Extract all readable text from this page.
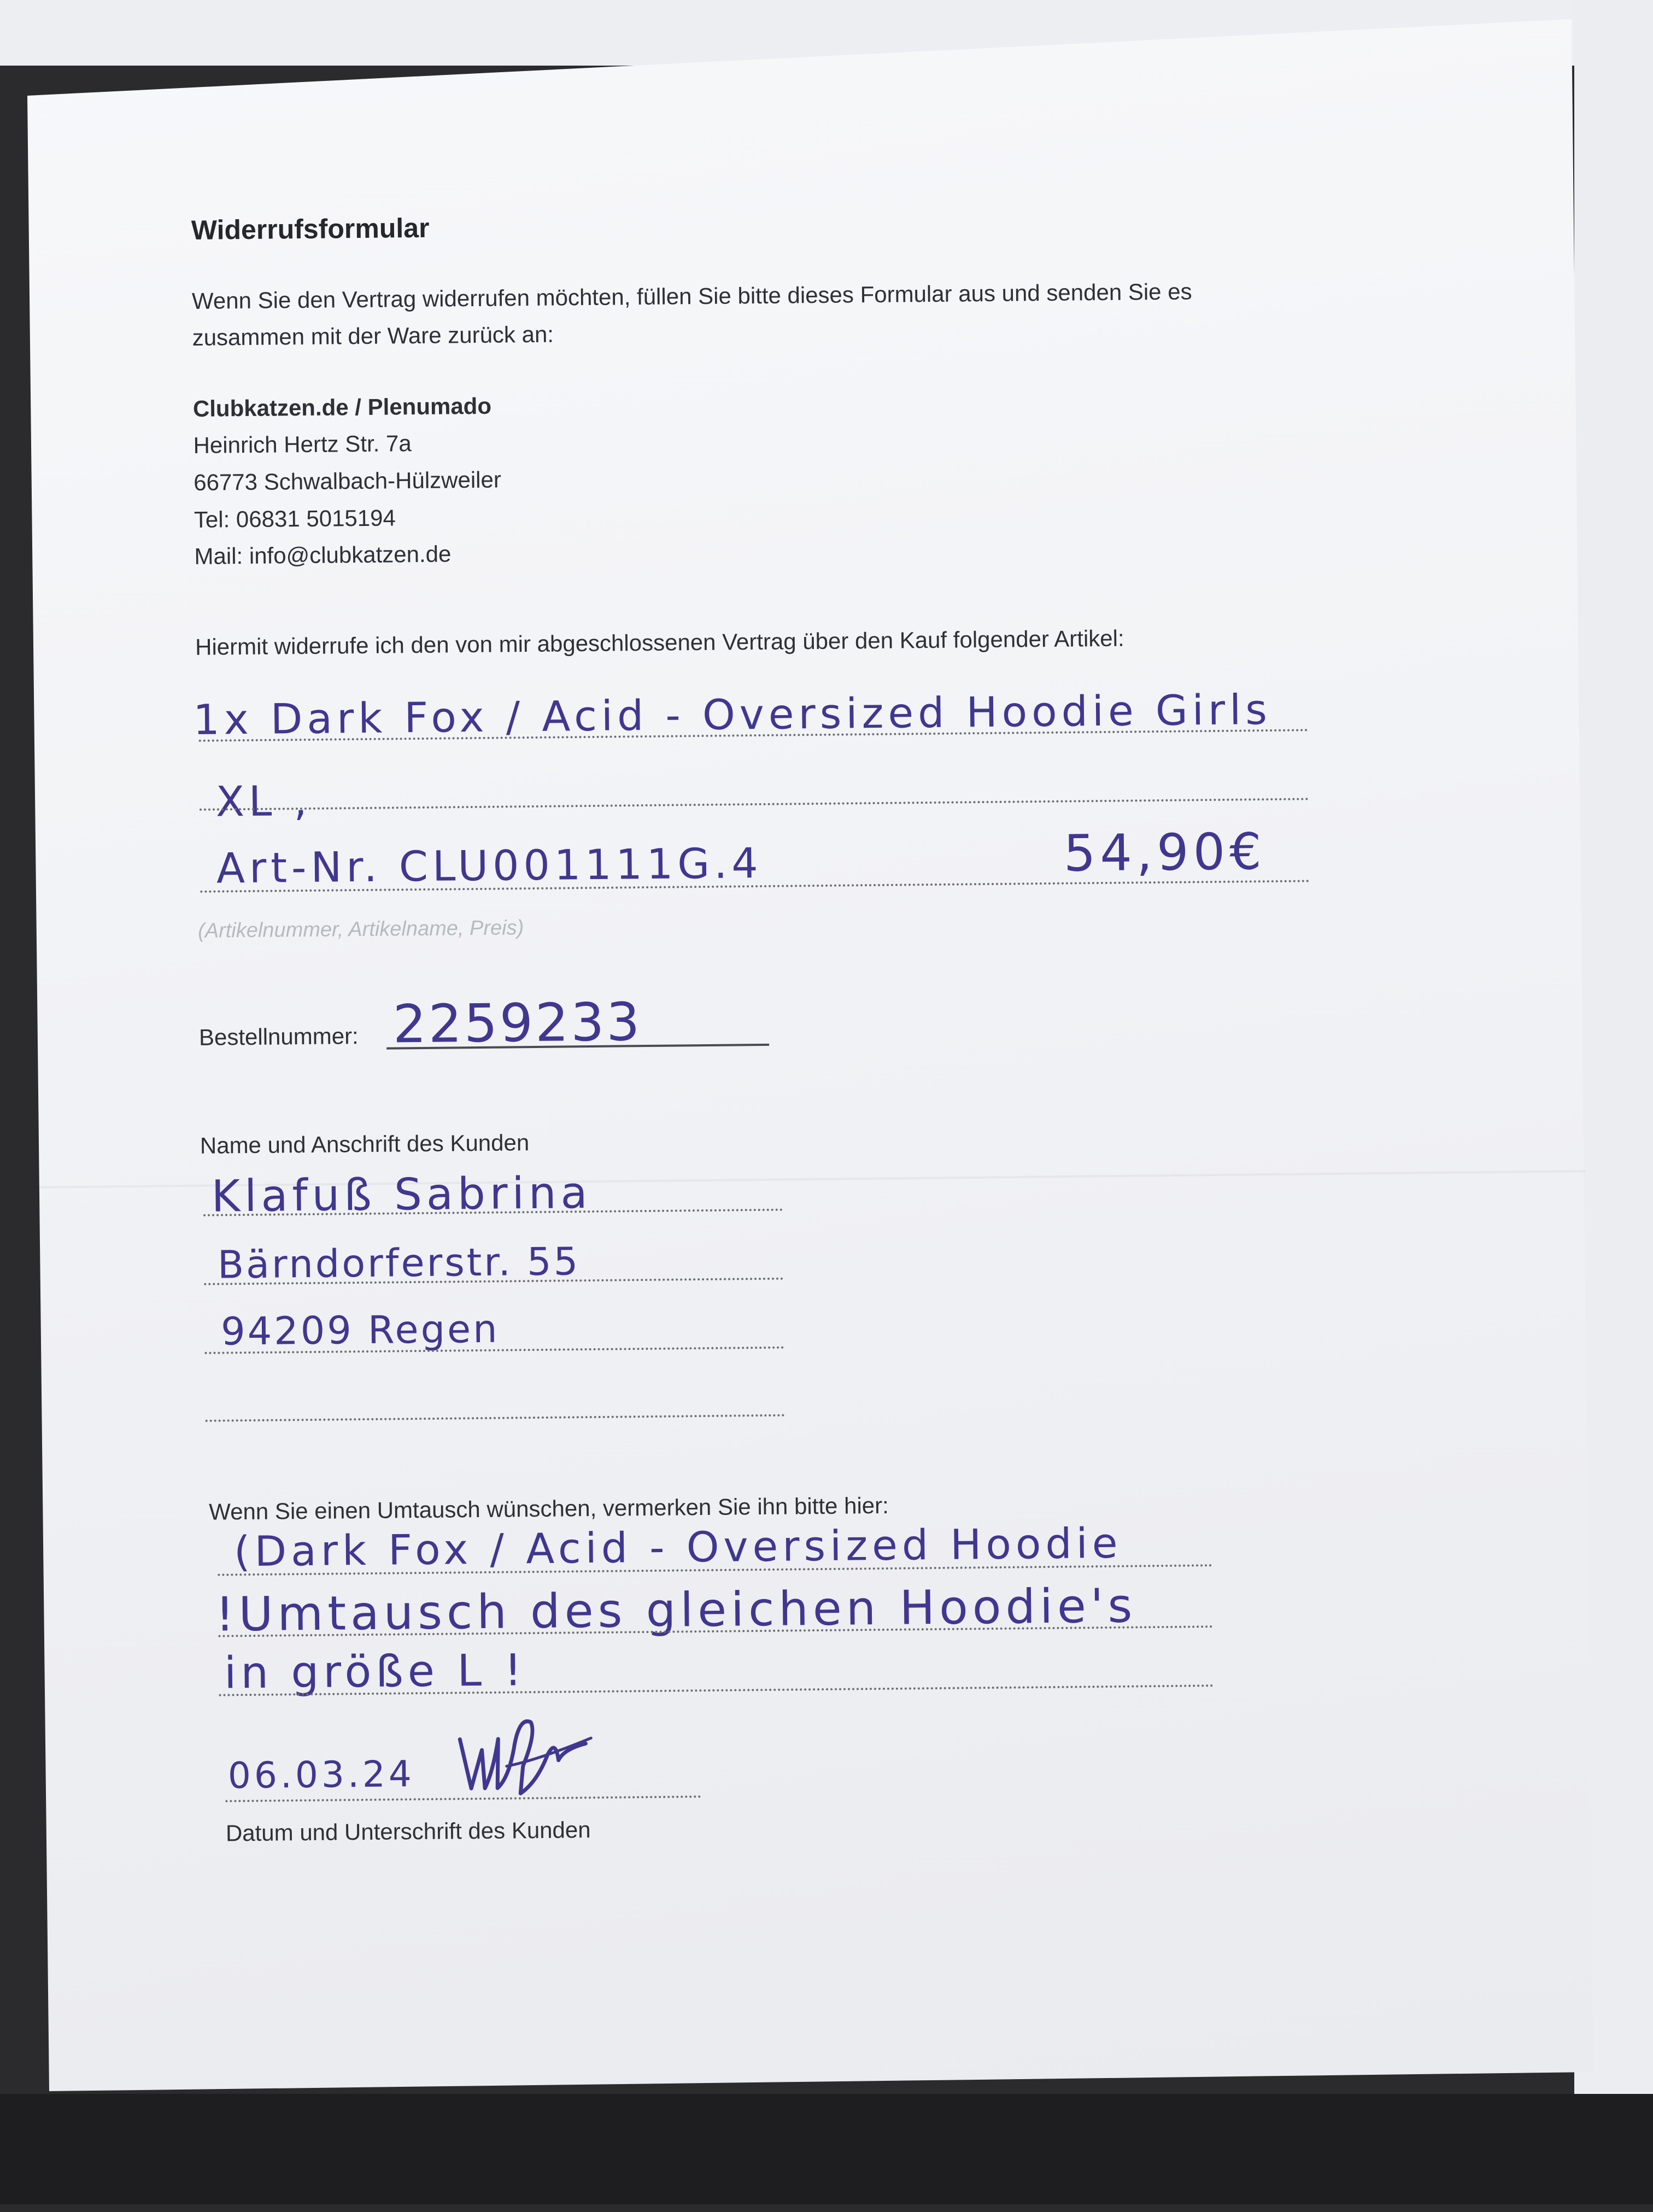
Widerrufsformular
Wenn Sie den Vertrag widerrufen möchten, füllen Sie bitte dieses Formular aus und senden Sie es
zusammen mit der Ware zurück an:
Clubkatzen.de / Plenumado
Heinrich Hertz Str. 7a
66773 Schwalbach-Hülzweiler
Tel: 06831 5015194
Mail: info@clubkatzen.de
Hiermit widerrufe ich den von mir abgeschlossenen Vertrag über den Kauf folgender Artikel:
1x Dark Fox / Acid - Oversized Hoodie Girls
XL ,
Art-Nr. CLU001111G.4	54,90€
(Artikelnummer, Artikelname, Preis)
Bestellnummer: 2259233
Name und Anschrift des Kunden
Klafuß Sabrina
Bärndorferstr. 55
94209 Regen
Wenn Sie einen Umtausch wünschen, vermerken Sie ihn bitte hier:
(Dark Fox / Acid - Oversized Hoodie
!Umtausch des gleichen Hoodie's
in größe L !
06.03.24
Datum und Unterschrift des Kunden
